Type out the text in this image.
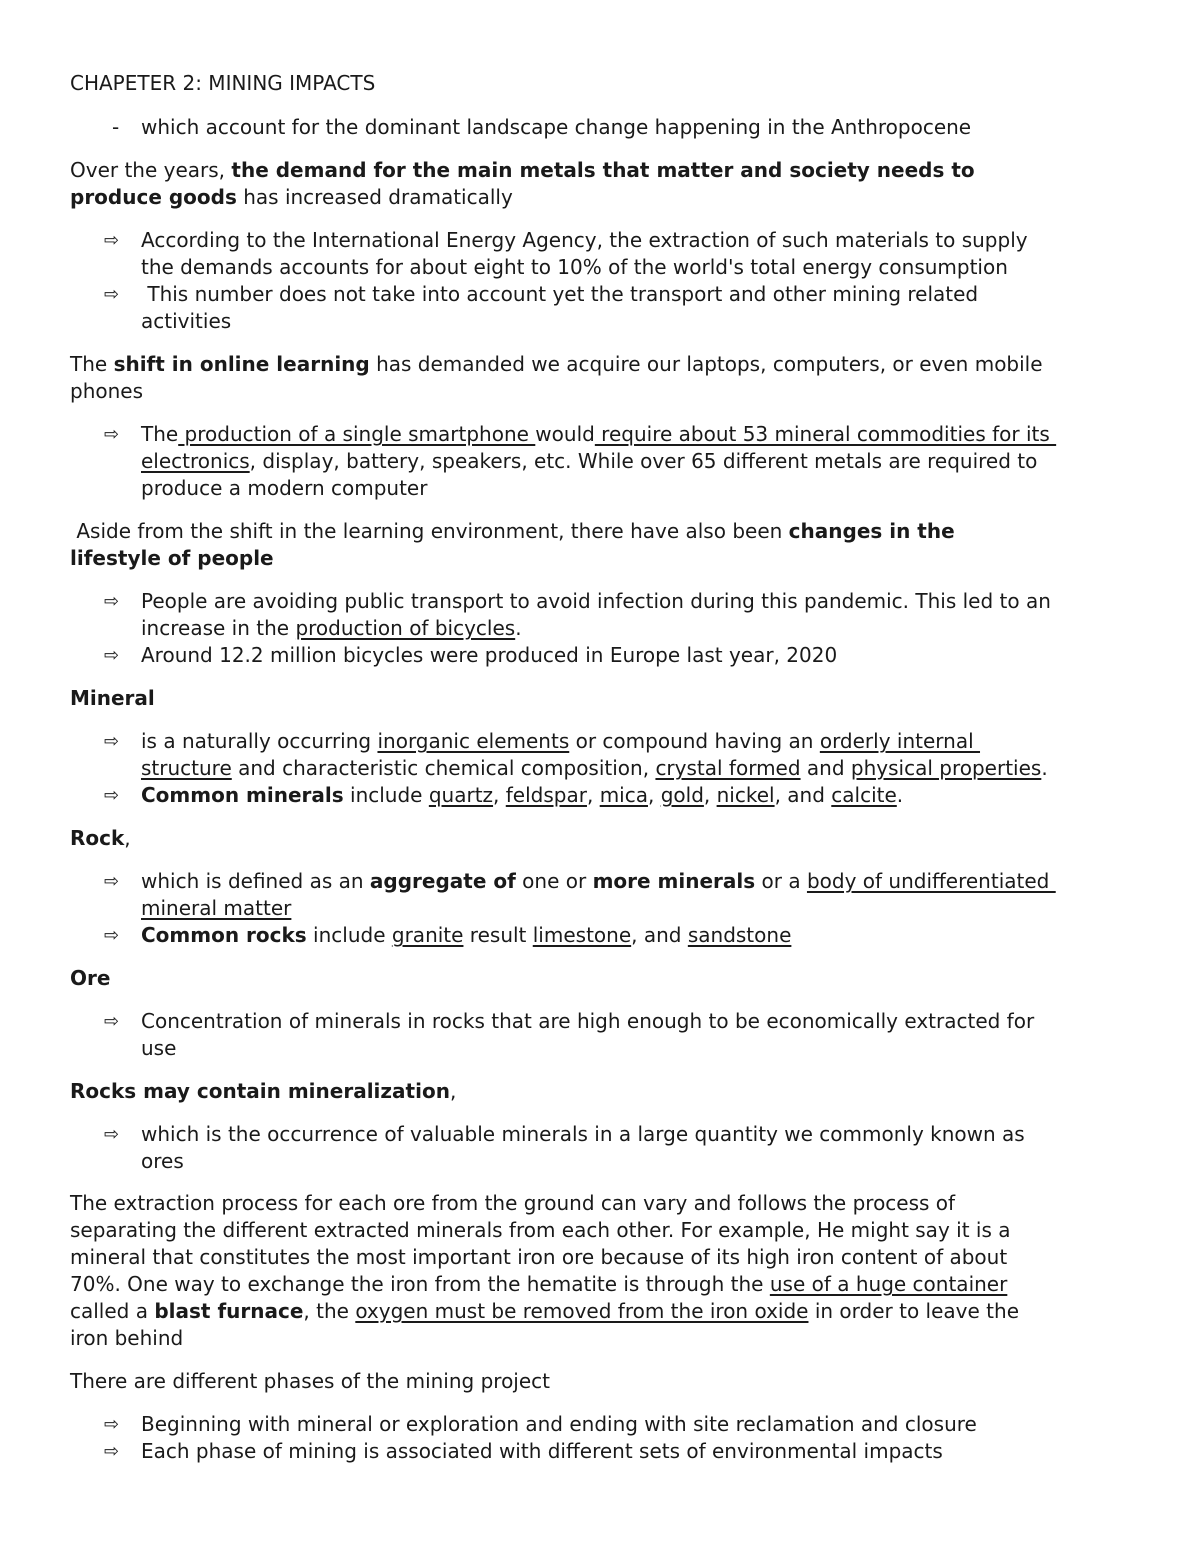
CHAPETER 2: MINING IMPACTS
- which account for the dominant landscape change happening in the Anthropocene
Over the years, the demand for the main metals that matter and society needs to
produce goods has increased dramatically
⇨ According to the International Energy Agency, the extraction of such materials to supply
the demands accounts for about eight to 10% of the world's total energy consumption
⇨ This number does not take into account yet the transport and other mining related
activities
The shift in online learning has demanded we acquire our laptops, computers, or even mobile
phones
⇨ The production of a single smartphone would require about 53 mineral commodities for its
electronics, display, battery, speakers, etc. While over 65 different metals are required to
produce a modern computer
Aside from the shift in the learning environment, there have also been changes in the
lifestyle of people
⇨ People are avoiding public transport to avoid infection during this pandemic. This led to an
increase in the production of bicycles.
⇨ Around 12.2 million bicycles were produced in Europe last year, 2020
Mineral
⇨ is a naturally occurring inorganic elements or compound having an orderly internal
structure and characteristic chemical composition, crystal formed and physical properties.
⇨ Common minerals include quartz, feldspar, mica, gold, nickel, and calcite.
Rock,
⇨ which is defined as an aggregate of one or more minerals or a body of undifferentiated
mineral matter
⇨ Common rocks include granite result limestone, and sandstone
Ore
⇨ Concentration of minerals in rocks that are high enough to be economically extracted for
use
Rocks may contain mineralization,
⇨ which is the occurrence of valuable minerals in a large quantity we commonly known as
ores
The extraction process for each ore from the ground can vary and follows the process of
separating the different extracted minerals from each other. For example, He might say it is a
mineral that constitutes the most important iron ore because of its high iron content of about
70%. One way to exchange the iron from the hematite is through the use of a huge container
called a blast furnace, the oxygen must be removed from the iron oxide in order to leave the
iron behind
There are different phases of the mining project
⇨ Beginning with mineral or exploration and ending with site reclamation and closure
⇨ Each phase of mining is associated with different sets of environmental impacts
